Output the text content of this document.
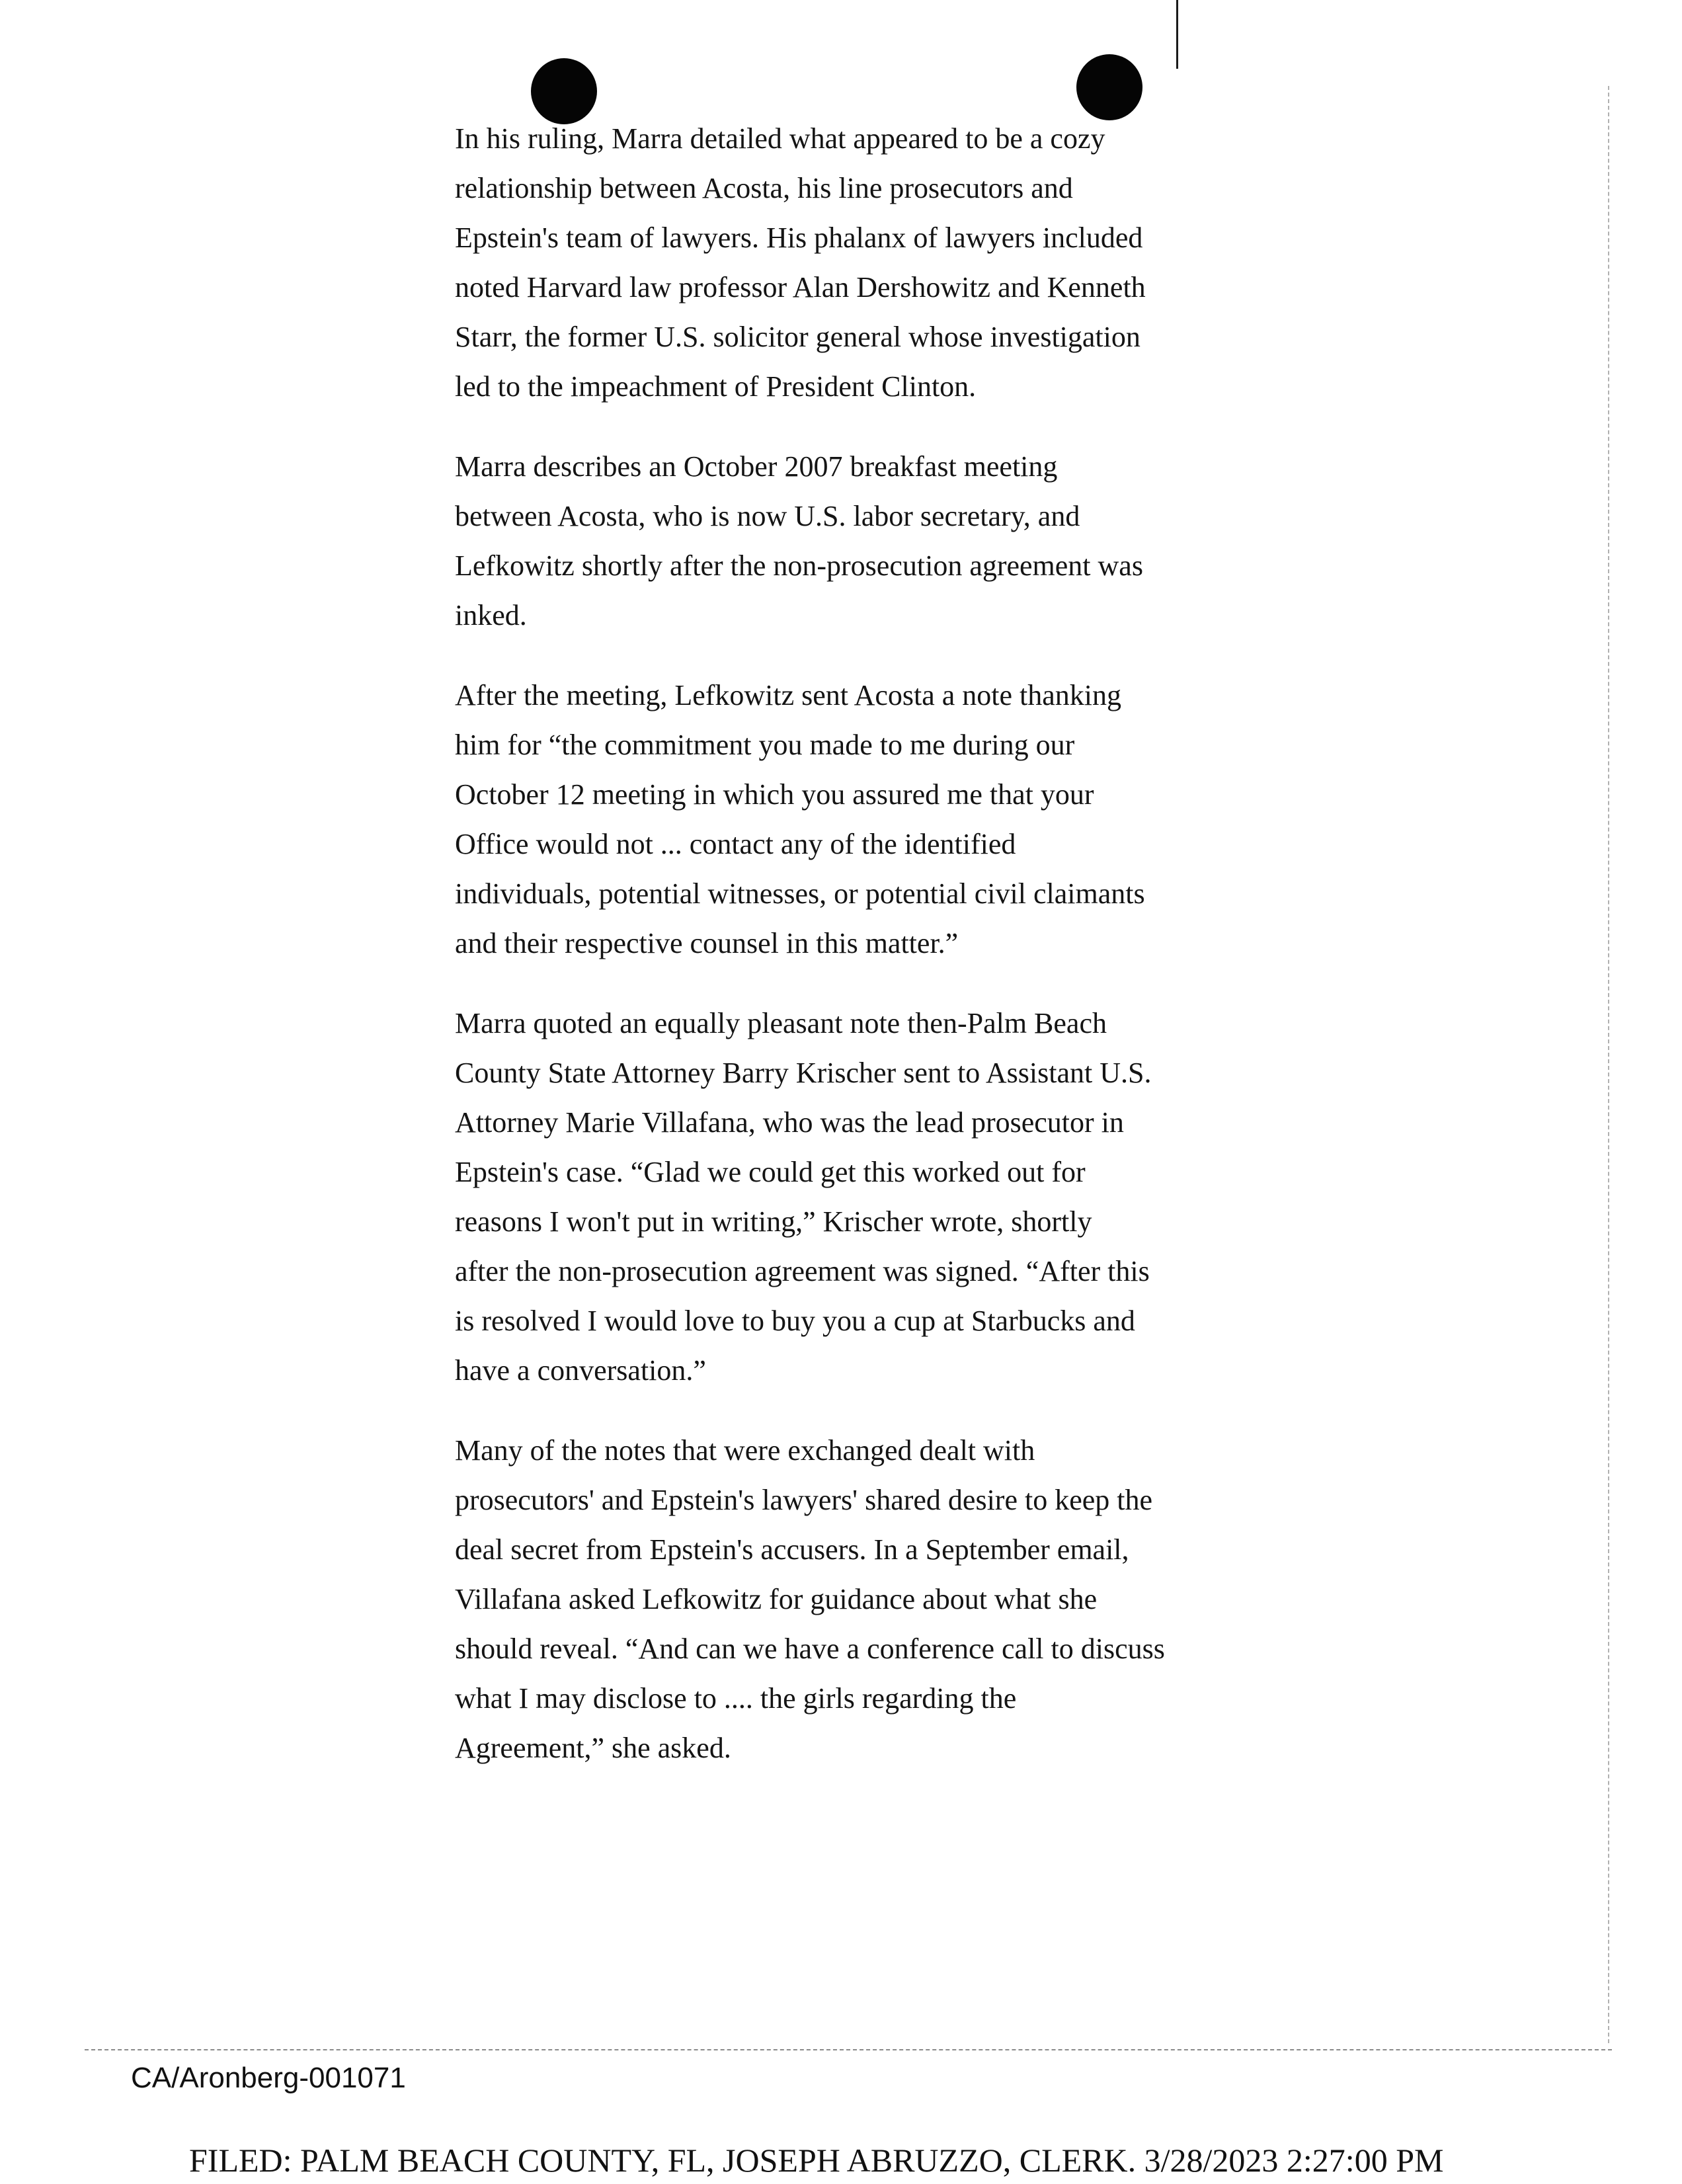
In his ruling, Marra detailed what appeared to be a cozy
relationship between Acosta, his line prosecutors and
Epstein's team of lawyers. His phalanx of lawyers included
noted Harvard law professor Alan Dershowitz and Kenneth
Starr, the former U.S. solicitor general whose investigation
led to the impeachment of President Clinton.

Marra describes an October 2007 breakfast meeting
between Acosta, who is now U.S. labor secretary, and
Lefkowitz shortly after the non-prosecution agreement was
inked.

After the meeting, Lefkowitz sent Acosta a note thanking
him for “the commitment you made to me during our
October 12 meeting in which you assured me that your
Office would not ... contact any of the identified
individuals, potential witnesses, or potential civil claimants
and their respective counsel in this matter.”

Marra quoted an equally pleasant note then-Palm Beach
County State Attorney Barry Krischer sent to Assistant U.S.
Attorney Marie Villafana, who was the lead prosecutor in
Epstein's case. “Glad we could get this worked out for
reasons I won't put in writing,” Krischer wrote, shortly
after the non-prosecution agreement was signed. “After this
is resolved I would love to buy you a cup at Starbucks and
have a conversation.”

Many of the notes that were exchanged dealt with
prosecutors' and Epstein's lawyers' shared desire to keep the
deal secret from Epstein's accusers. In a September email,
Villafana asked Lefkowitz for guidance about what she
should reveal. “And can we have a conference call to discuss
what I may disclose to .... the girls regarding the
Agreement,” she asked.

CA/Aronberg-001071
FILED: PALM BEACH COUNTY, FL, JOSEPH ABRUZZO, CLERK. 3/28/2023 2:27:00 PM
